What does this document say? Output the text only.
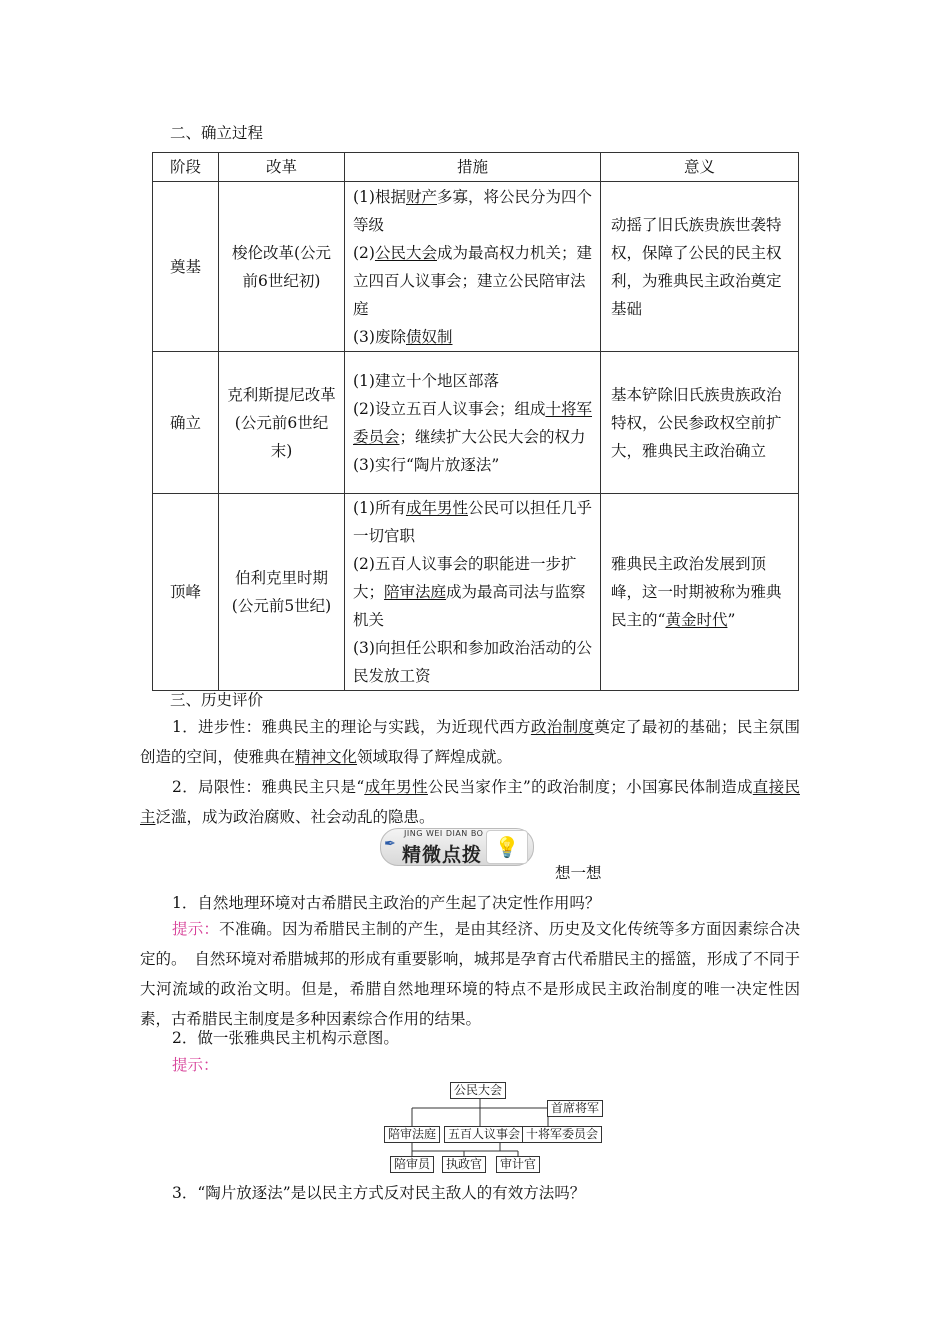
二、确立过程
阶段	改革	措施	意义
奠基	梭伦改革(公元前6世纪初)	(1)根据财产多寡，将公民分为四个等级
(2)公民大会成为最高权力机关；建立四百人议事会；建立公民陪审法庭
(3)废除债奴制	动摇了旧氏族贵族世袭特权，保障了公民的民主权利，为雅典民主政治奠定基础
确立	克利斯提尼改革(公元前6世纪末)	(1)建立十个地区部落
(2)设立五百人议事会；组成十将军委员会；继续扩大公民大会的权力
(3)实行“陶片放逐法”	基本铲除旧氏族贵族政治特权，公民参政权空前扩大，雅典民主政治确立
顶峰	伯利克里时期(公元前5世纪)	(1)所有成年男性公民可以担任几乎一切官职
(2)五百人议事会的职能进一步扩大；陪审法庭成为最高司法与监察机关
(3)向担任公职和参加政治活动的公民发放工资	雅典民主政治发展到顶峰，这一时期被称为雅典民主的“黄金时代”
三、历史评价
1．进步性：雅典民主的理论与实践，为近现代西方政治制度奠定了最初的基础；民主氛围创造的空间，使雅典在精神文化领域取得了辉煌成就。
2．局限性：雅典民主只是“成年男性公民当家作主”的政治制度；小国寡民体制造成直接民主泛滥，成为政治腐败、社会动乱的隐患。
✒
JING WEI DIAN BO
精微点拨 💡
想一想
1．自然地理环境对古希腊民主政治的产生起了决定性作用吗？
提示：不准确。因为希腊民主制的产生，是由其经济、历史及文化传统等多方面因素综合决定的。　自然环境对希腊城邦的形成有重要影响，城邦是孕育古代希腊民主的摇篮，形成了不同于大河流域的政治文明。但是，希腊自然地理环境的特点不是形成民主政治制度的唯一决定性因素，古希腊民主制度是多种因素综合作用的结果。
2．做一张雅典民主机构示意图。
提示：
公民大会
首席将军
陪审法庭 五百人议事会 十将军委员会
陪审员	执政官	审计官
3．“陶片放逐法”是以民主方式反对民主敌人的有效方法吗？
